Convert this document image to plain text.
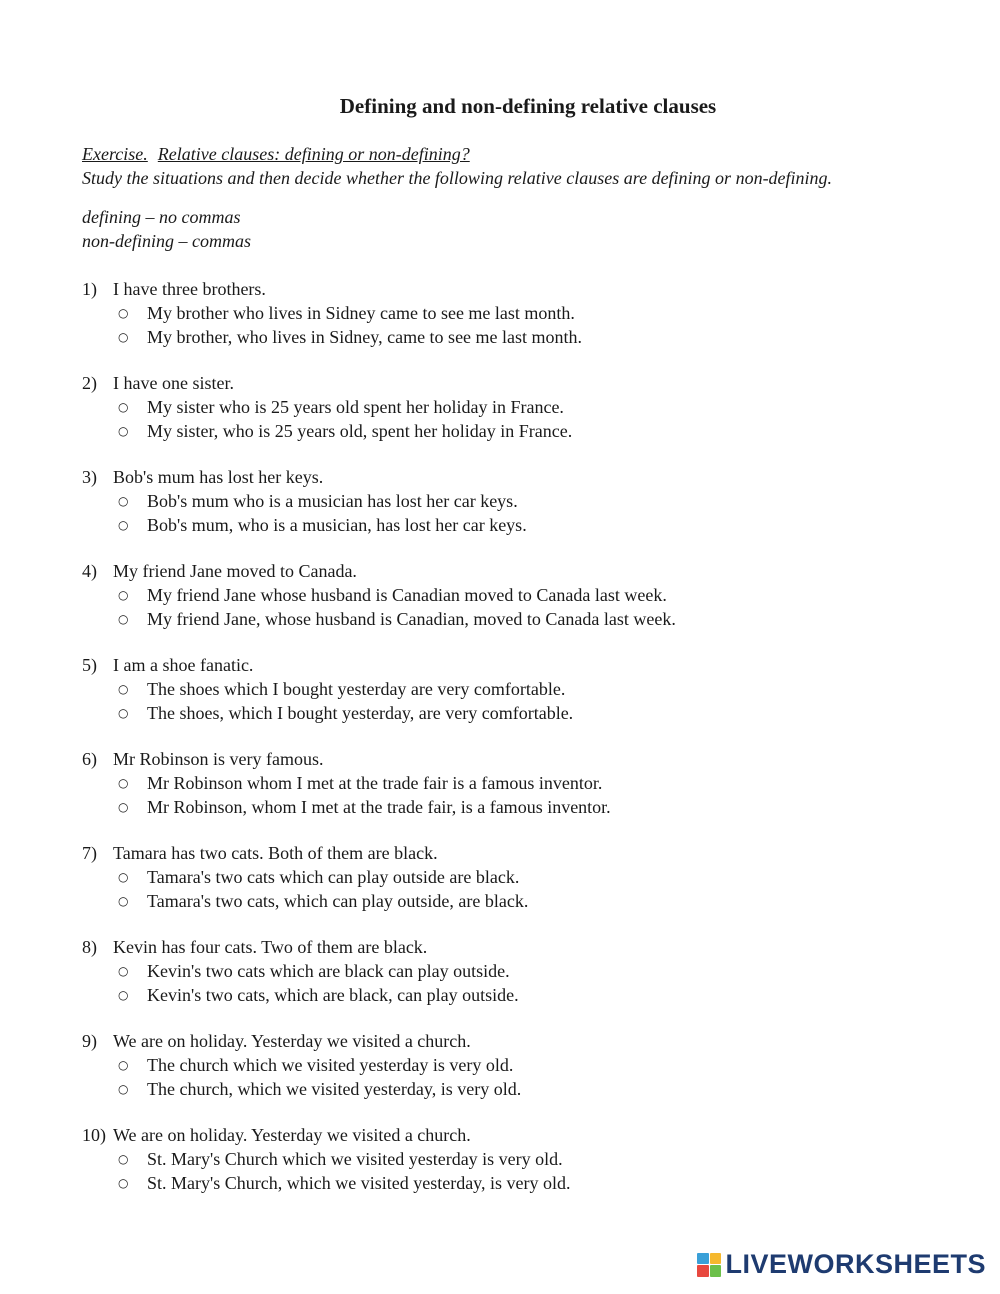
Defining and non-defining relative clauses
Exercise. Relative clauses: defining or non-defining?
Study the situations and then decide whether the following relative clauses are defining or non-defining.
defining – no commas
non-defining – commas
1) I have three brothers.
○ My brother who lives in Sidney came to see me last month.
○ My brother, who lives in Sidney, came to see me last month.
2) I have one sister.
○ My sister who is 25 years old spent her holiday in France.
○ My sister, who is 25 years old, spent her holiday in France.
3) Bob's mum has lost her keys.
○ Bob's mum who is a musician has lost her car keys.
○ Bob's mum, who is a musician, has lost her car keys.
4) My friend Jane moved to Canada.
○ My friend Jane whose husband is Canadian moved to Canada last week.
○ My friend Jane, whose husband is Canadian, moved to Canada last week.
5) I am a shoe fanatic.
○ The shoes which I bought yesterday are very comfortable.
○ The shoes, which I bought yesterday, are very comfortable.
6) Mr Robinson is very famous.
○ Mr Robinson whom I met at the trade fair is a famous inventor.
○ Mr Robinson, whom I met at the trade fair, is a famous inventor.
7) Tamara has two cats. Both of them are black.
○ Tamara's two cats which can play outside are black.
○ Tamara's two cats, which can play outside, are black.
8) Kevin has four cats. Two of them are black.
○ Kevin's two cats which are black can play outside.
○ Kevin's two cats, which are black, can play outside.
9) We are on holiday. Yesterday we visited a church.
○ The church which we visited yesterday is very old.
○ The church, which we visited yesterday, is very old.
10) We are on holiday. Yesterday we visited a church.
○ St. Mary's Church which we visited yesterday is very old.
○ St. Mary's Church, which we visited yesterday, is very old.
LIVEWORKSHEETS
